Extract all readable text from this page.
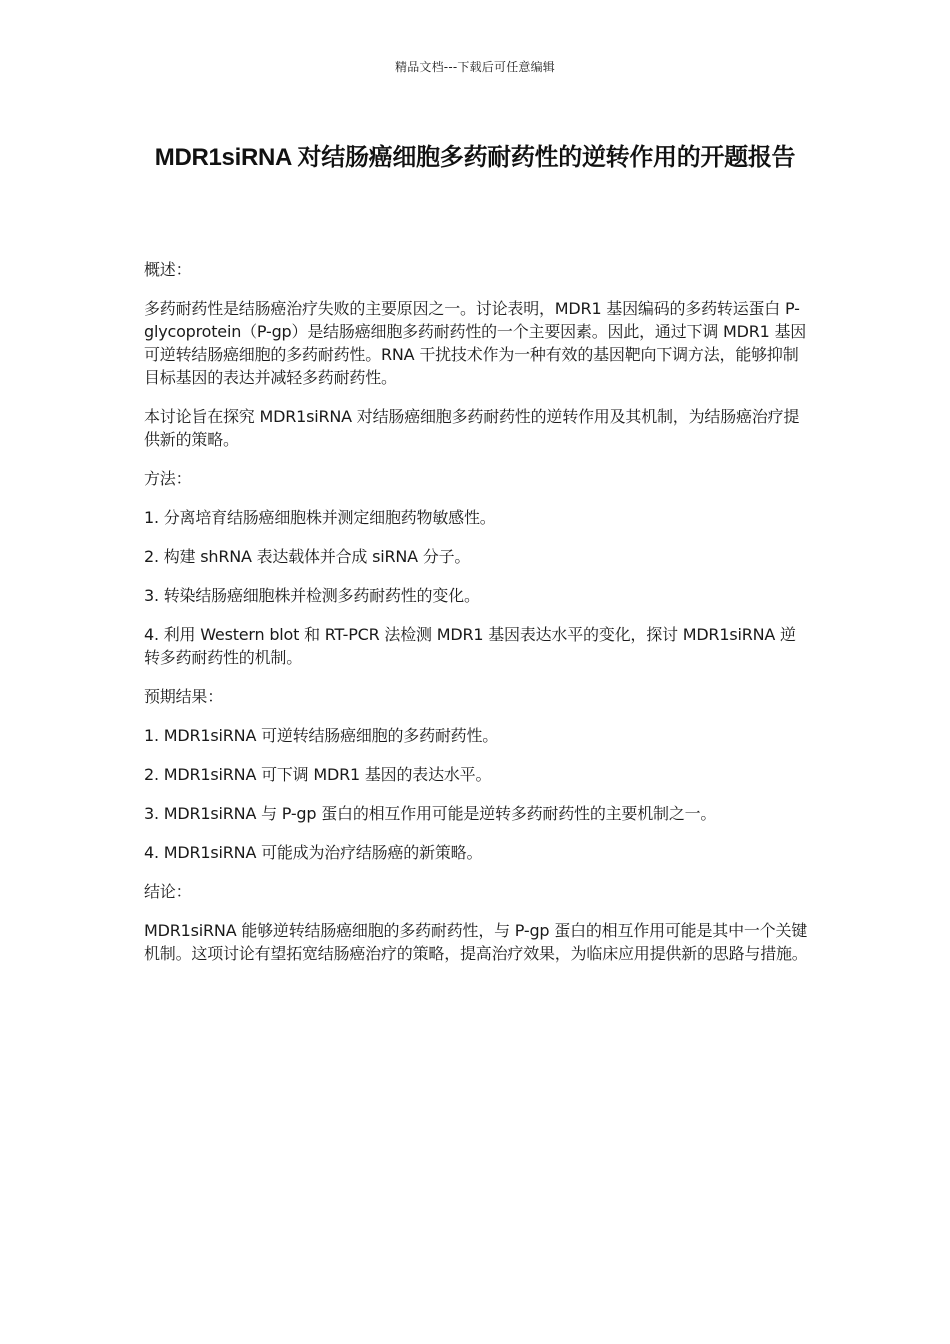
精品文档---下载后可任意编辑
MDR1siRNA 对结肠癌细胞多药耐药性的逆转作用的开题报告

概述：

多药耐药性是结肠癌治疗失败的主要原因之一。讨论表明，MDR1 基因编码的多药转运蛋白 P-glycoprotein（P-gp）是结肠癌细胞多药耐药性的一个主要因素。因此，通过下调 MDR1 基因可逆转结肠癌细胞的多药耐药性。RNA 干扰技术作为一种有效的基因靶向下调方法，能够抑制目标基因的表达并减轻多药耐药性。

本讨论旨在探究 MDR1siRNA 对结肠癌细胞多药耐药性的逆转作用及其机制，为结肠癌治疗提供新的策略。

方法：

1. 分离培育结肠癌细胞株并测定细胞药物敏感性。

2. 构建 shRNA 表达载体并合成 siRNA 分子。

3. 转染结肠癌细胞株并检测多药耐药性的变化。

4. 利用 Western blot 和 RT-PCR 法检测 MDR1 基因表达水平的变化，探讨 MDR1siRNA 逆转多药耐药性的机制。

预期结果：

1. MDR1siRNA 可逆转结肠癌细胞的多药耐药性。

2. MDR1siRNA 可下调 MDR1 基因的表达水平。

3. MDR1siRNA 与 P-gp 蛋白的相互作用可能是逆转多药耐药性的主要机制之一。

4. MDR1siRNA 可能成为治疗结肠癌的新策略。

结论：

MDR1siRNA 能够逆转结肠癌细胞的多药耐药性，与 P-gp 蛋白的相互作用可能是其中一个关键机制。这项讨论有望拓宽结肠癌治疗的策略，提高治疗效果，为临床应用提供新的思路与措施。
